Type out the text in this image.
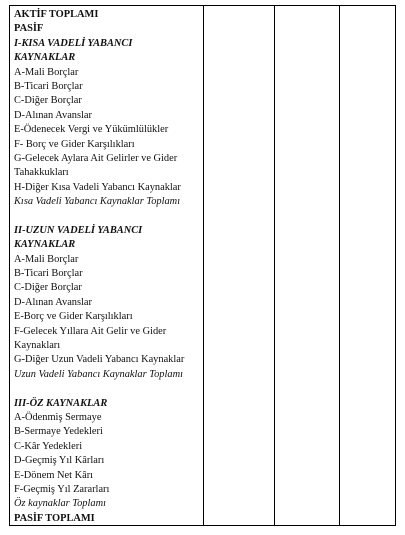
AKTİF TOPLAMI
PASİF
I-KISA VADELİ YABANCI
KAYNAKLAR
A-Mali Borçlar
B-Ticari Borçlar
C-Diğer Borçlar
D-Alınan Avanslar
E-Ödenecek Vergi ve Yükümlülükler
F- Borç ve Gider Karşılıkları
G-Gelecek Aylara Ait Gelirler ve Gider
Tahakkukları
H-Diğer Kısa Vadeli Yabancı Kaynaklar
Kısa Vadeli Yabancı Kaynaklar Toplamı
II-UZUN VADELİ YABANCI
KAYNAKLAR
A-Mali Borçlar
B-Ticari Borçlar
C-Diğer Borçlar
D-Alınan Avanslar
E-Borç ve Gider Karşılıkları
F-Gelecek Yıllara Ait Gelir ve Gider
Kaynakları
G-Diğer Uzun Vadeli Yabancı Kaynaklar
Uzun Vadeli Yabancı Kaynaklar Toplamı
III-ÖZ KAYNAKLAR
A-Ödenmiş Sermaye
B-Sermaye Yedekleri
C-Kâr Yedekleri
D-Geçmiş Yıl Kârları
E-Dönem Net Kârı
F-Geçmiş Yıl Zararları
Öz kaynaklar Toplamı
PASİF TOPLAMI
